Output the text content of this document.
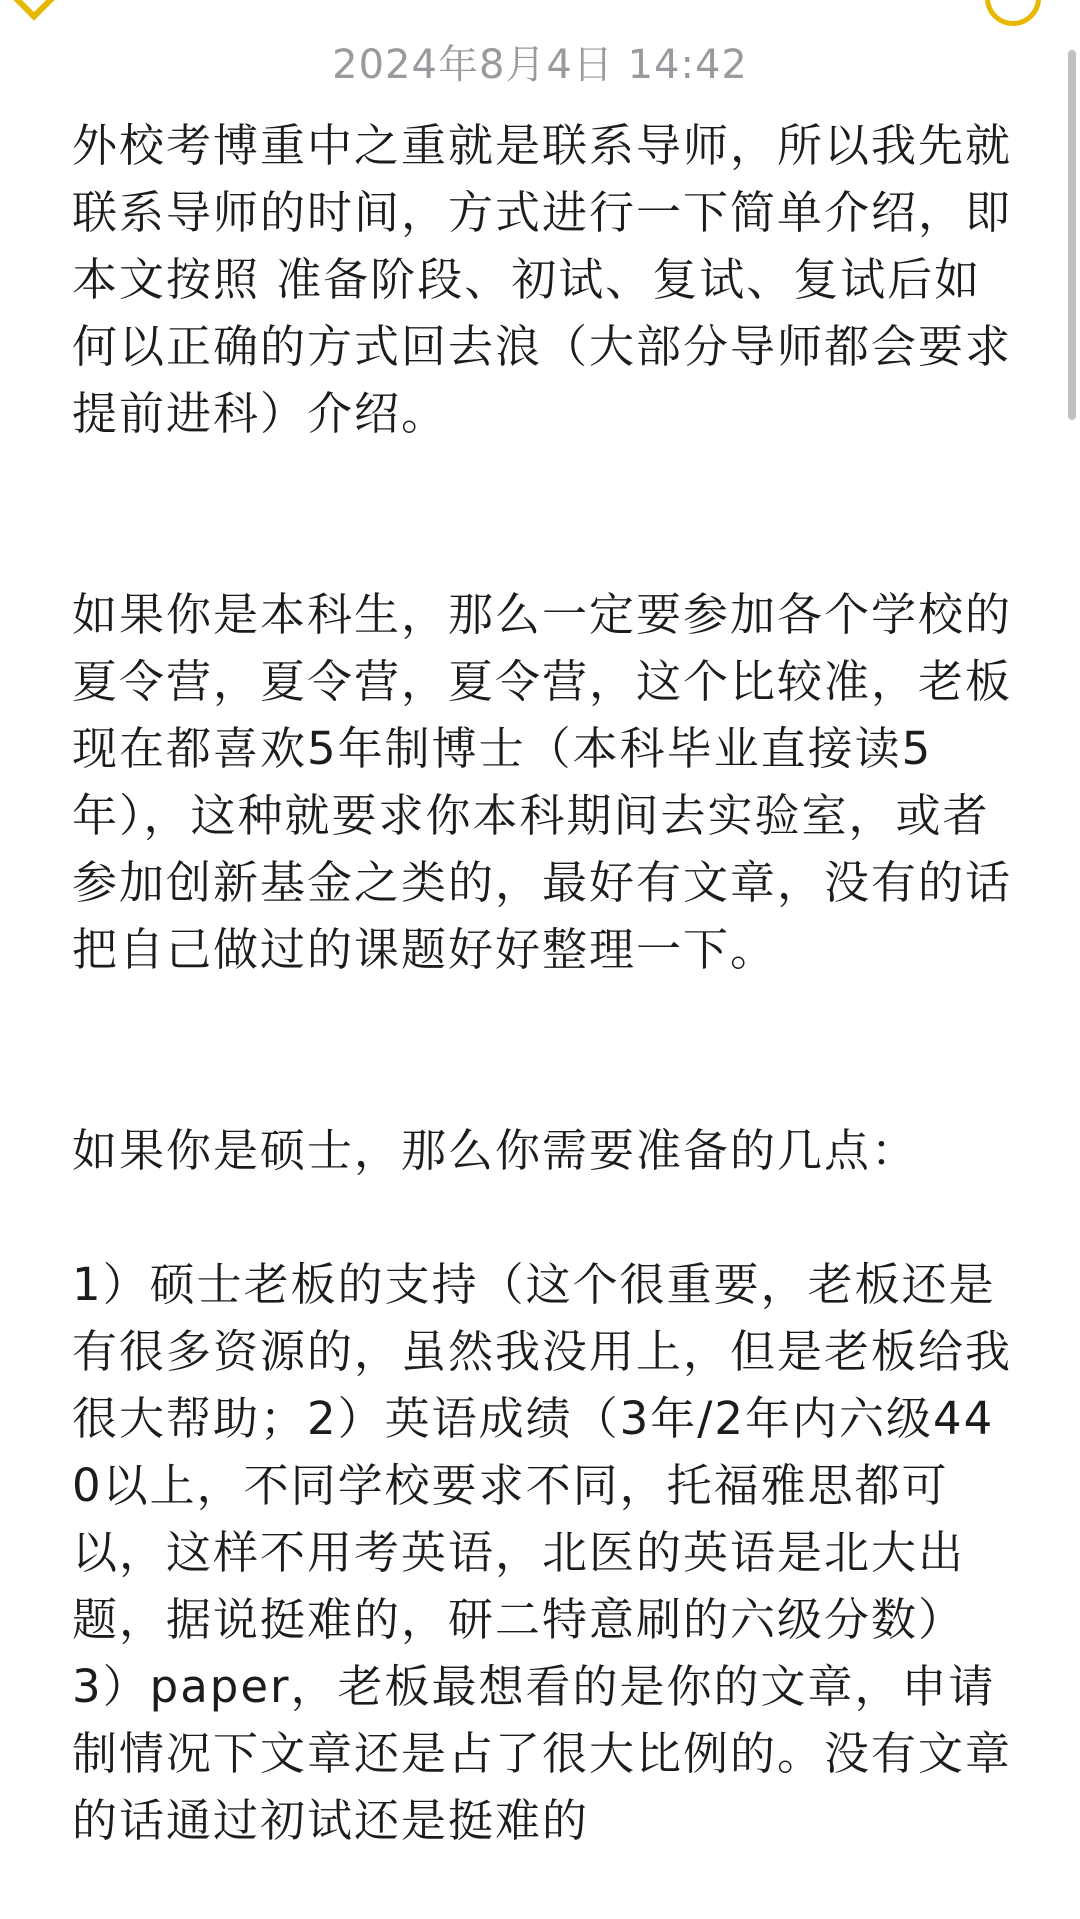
2024年8月4日 14:42

外校考博重中之重就是联系导师，所以我先就联系导师的时间，方式进行一下简单介绍，即本文按照 准备阶段、初试、复试、复试后如何以正确的方式回去浪（大部分导师都会要求提前进科）介绍。

如果你是本科生，那么一定要参加各个学校的夏令营，夏令营，夏令营，这个比较准，老板现在都喜欢5年制博士（本科毕业直接读5年），这种就要求你本科期间去实验室，或者参加创新基金之类的，最好有文章，没有的话把自己做过的课题好好整理一下。

如果你是硕士，那么你需要准备的几点：

1）硕士老板的支持（这个很重要，老板还是有很多资源的，虽然我没用上，但是老板给我很大帮助；2）英语成绩（3年/2年内六级440以上，不同学校要求不同，托福雅思都可以，这样不用考英语，北医的英语是北大出题，据说挺难的，研二特意刷的六级分数） 3）paper，老板最想看的是你的文章，申请制情况下文章还是占了很大比例的。没有文章的话通过初试还是挺难的
